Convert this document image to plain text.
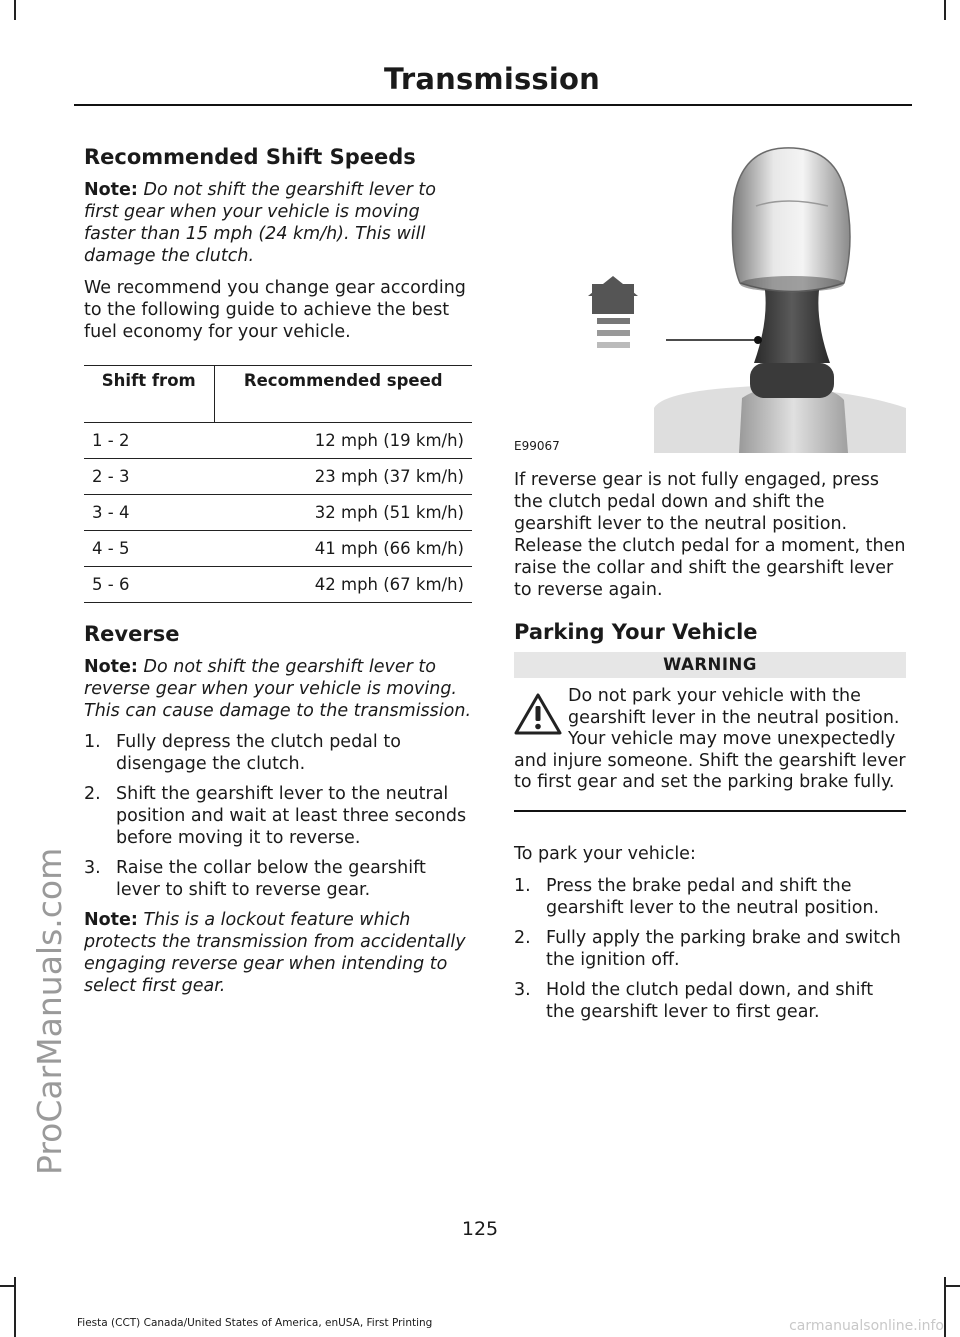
Transmission
ProCarManuals.com
Recommended Shift Speeds

Note: Do not shift the gearshift lever to first gear when your vehicle is moving faster than 15 mph (24 km/h). This will damage the clutch.

We recommend you change gear according to the following guide to achieve the best fuel economy for your vehicle.

Shift from	Recommended speed
1 - 2	12 mph (19 km/h)
2 - 3	23 mph (37 km/h)
3 - 4	32 mph (51 km/h)
4 - 5	41 mph (66 km/h)
5 - 6	42 mph (67 km/h)
Reverse

Note: Do not shift the gearshift lever to reverse gear when your vehicle is moving. This can cause damage to the transmission.

1. Fully depress the clutch pedal to disengage the clutch.
2. Shift the gearshift lever to the neutral position and wait at least three seconds before moving it to reverse.
3. Raise the collar below the gearshift lever to shift to reverse gear.

Note: This is a lockout feature which protects the transmission from accidentally engaging reverse gear when intending to select first gear.

E99067

If reverse gear is not fully engaged, press the clutch pedal down and shift the gearshift lever to the neutral position. Release the clutch pedal for a moment, then raise the collar and shift the gearshift lever to reverse again.

Parking Your Vehicle
WARNING
Do not park your vehicle with the gearshift lever in the neutral position. Your vehicle may move unexpectedly and injure someone. Shift the gearshift lever to first gear and set the parking brake fully.

To park your vehicle:

1. Press the brake pedal and shift the gearshift lever to the neutral position.
2. Fully apply the parking brake and switch the ignition off.
3. Hold the clutch pedal down, and shift the gearshift lever to first gear.
125
Fiesta (CCT) Canada/United States of America, enUSA, First Printing	carmanualsonline.info
